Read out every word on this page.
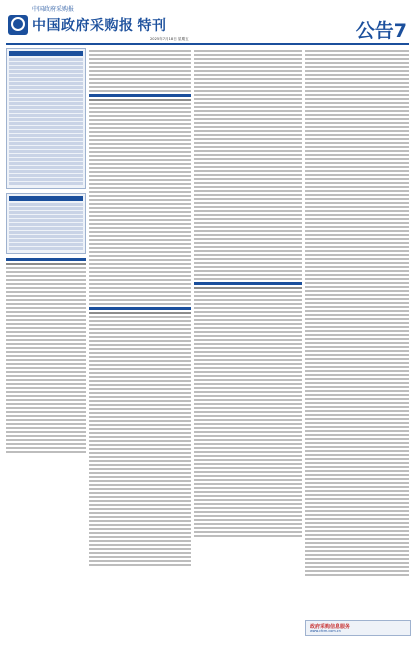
中国政府采购报
中国政府采购报 特刊	公告7
2025年7月18日 星期五
政府采购信息服务
www.cfcm.com.cn
